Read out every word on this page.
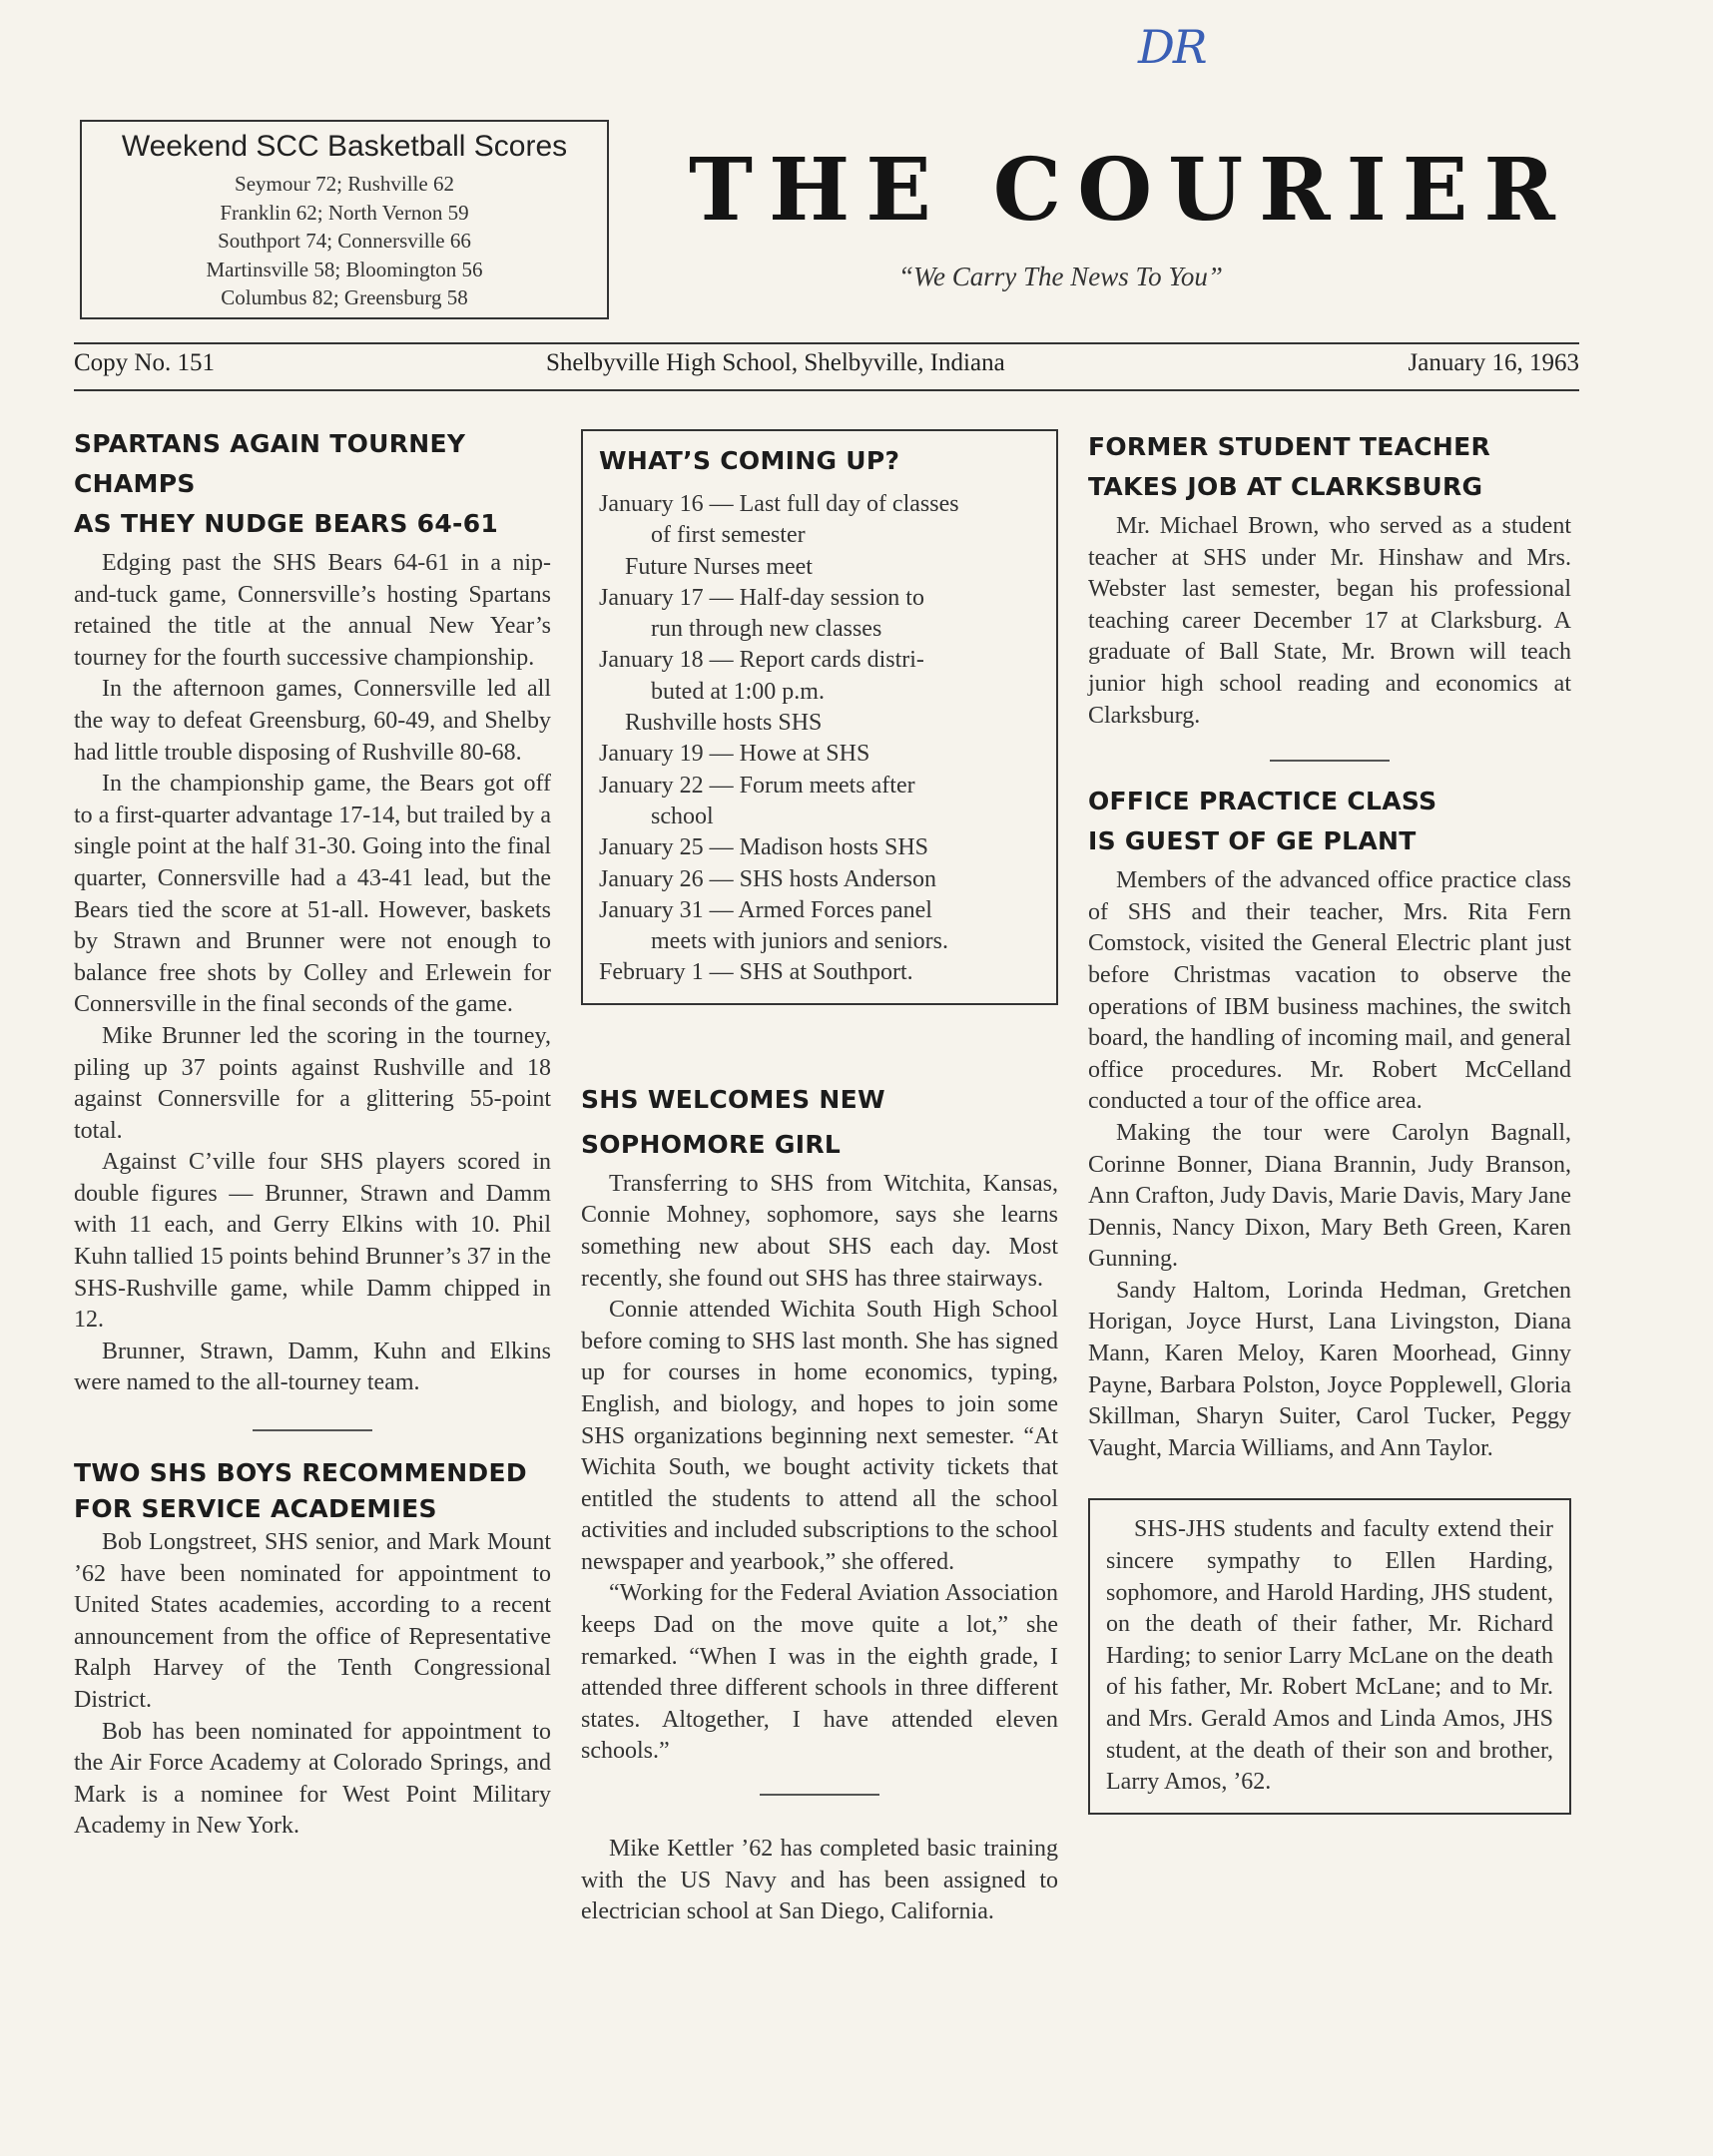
DR
Weekend SCC Basketball Scores
Seymour 72; Rushville 62
Franklin 62; North Vernon 59
Southport 74; Connersville 66
Martinsville 58; Bloomington 56
Columbus 82; Greensburg 58
THE COURIER
“We Carry The News To You”
Copy No. 151	Shelbyville High School, Shelbyville, Indiana	January 16, 1963
SPARTANS AGAIN TOURNEY CHAMPS
AS THEY NUDGE BEARS 64-61

Edging past the SHS Bears 64-61 in a nip-and-tuck game, Connersville’s hosting Spartans retained the title at the annual New Year’s tourney for the fourth successive championship.

In the afternoon games, Connersville led all the way to defeat Greensburg, 60-49, and Shelby had little trouble disposing of Rushville 80-68.

In the championship game, the Bears got off to a first-quarter advantage 17-14, but trailed by a single point at the half 31-30. Going into the final quarter, Connersville had a 43-41 lead, but the Bears tied the score at 51-all. However, baskets by Strawn and Brunner were not enough to balance free shots by Colley and Erlewein for Connersville in the final seconds of the game.

Mike Brunner led the scoring in the tourney, piling up 37 points against Rushville and 18 against Connersville for a glittering 55-point total.

Against C’ville four SHS players scored in double figures — Brunner, Strawn and Damm with 11 each, and Gerry Elkins with 10. Phil Kuhn tallied 15 points behind Brunner’s 37 in the SHS-Rushville game, while Damm chipped in 12.

Brunner, Strawn, Damm, Kuhn and Elkins were named to the all-tourney team.

TWO SHS BOYS RECOMMENDED
FOR SERVICE ACADEMIES

Bob Longstreet, SHS senior, and Mark Mount ’62 have been nominated for appointment to United States academies, according to a recent announcement from the office of Representative Ralph Harvey of the Tenth Congressional District.

Bob has been nominated for appointment to the Air Force Academy at Colorado Springs, and Mark is a nominee for West Point Military Academy in New York.

WHAT’S COMING UP?
January 16 — Last full day of classes
of first semester
Future Nurses meet
January 17 — Half-day session to
run through new classes
January 18 — Report cards distri-
buted at 1:00 p.m.
Rushville hosts SHS
January 19 — Howe at SHS
January 22 — Forum meets after
school
January 25 — Madison hosts SHS
January 26 — SHS hosts Anderson
January 31 — Armed Forces panel
meets with juniors and seniors.
February 1 — SHS at Southport.
SHS WELCOMES NEW
SOPHOMORE GIRL

Transferring to SHS from Witchita, Kansas, Connie Mohney, sophomore, says she learns something new about SHS each day. Most recently, she found out SHS has three stairways.

Connie attended Wichita South High School before coming to SHS last month. She has signed up for courses in home economics, typing, English, and biology, and hopes to join some SHS organizations beginning next semester. “At Wichita South, we bought activity tickets that entitled the students to attend all the school activities and included subscriptions to the school newspaper and yearbook,” she offered.

“Working for the Federal Aviation Association keeps Dad on the move quite a lot,” she remarked. “When I was in the eighth grade, I attended three different schools in three different states. Altogether, I have attended eleven schools.”

Mike Kettler ’62 has completed basic training with the US Navy and has been assigned to electrician school at San Diego, California.

FORMER STUDENT TEACHER
TAKES JOB AT CLARKSBURG

Mr. Michael Brown, who served as a student teacher at SHS under Mr. Hinshaw and Mrs. Webster last semester, began his professional teaching career December 17 at Clarksburg. A graduate of Ball State, Mr. Brown will teach junior high school reading and economics at Clarksburg.

OFFICE PRACTICE CLASS
IS GUEST OF GE PLANT

Members of the advanced office practice class of SHS and their teacher, Mrs. Rita Fern Comstock, visited the General Electric plant just before Christmas vacation to observe the operations of IBM business machines, the switch board, the handling of incoming mail, and general office procedures. Mr. Robert McCelland conducted a tour of the office area.

Making the tour were Carolyn Bagnall, Corinne Bonner, Diana Brannin, Judy Branson, Ann Crafton, Judy Davis, Marie Davis, Mary Jane Dennis, Nancy Dixon, Mary Beth Green, Karen Gunning.

Sandy Haltom, Lorinda Hedman, Gretchen Horigan, Joyce Hurst, Lana Livingston, Diana Mann, Karen Meloy, Karen Moorhead, Ginny Payne, Barbara Polston, Joyce Popplewell, Gloria Skillman, Sharyn Suiter, Carol Tucker, Peggy Vaught, Marcia Williams, and Ann Taylor.

SHS-JHS students and faculty extend their sincere sympathy to Ellen Harding, sophomore, and Harold Harding, JHS student, on the death of their father, Mr. Richard Harding; to senior Larry McLane on the death of his father, Mr. Robert McLane; and to Mr. and Mrs. Gerald Amos and Linda Amos, JHS student, at the death of their son and brother, Larry Amos, ’62.
